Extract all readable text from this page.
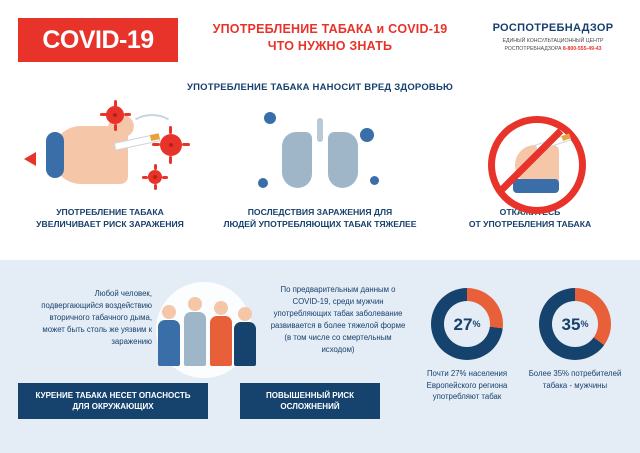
COVID-19	УПОТРЕБЛЕНИЕ ТАБАКА и COVID-19
ЧТО НУЖНО ЗНАТЬ
РОСПОТРЕБНАДЗОР
ЕДИНЫЙ КОНСУЛЬТАЦИОННЫЙ ЦЕНТР
РОСПОТРЕБНАДЗОРА 8-800-555-49-43
УПОТРЕБЛЕНИЕ ТАБАКА НАНОСИТ ВРЕД ЗДОРОВЬЮ
УПОТРЕБЛЕНИЕ ТАБАКА
УВЕЛИЧИВАЕТ РИСК ЗАРАЖЕНИЯ
ПОСЛЕДСТВИЯ ЗАРАЖЕНИЯ ДЛЯ
ЛЮДЕЙ УПОТРЕБЛЯЮЩИХ ТАБАК ТЯЖЕЛЕЕ
ОТКАЖИТЕСЬ
ОТ УПОТРЕБЛЕНИЯ ТАБАКА
Любой человек, подвергающийся воздействию вторичного табачного дыма, может быть столь же уязвим к заражению
По предварительным данным о COVID-19, среди мужчин употребляющих табак заболевание развивается в более тяжелой форме (в том числе со смертельным исходом)
27 %
Почти 27% населения Европейского региона употребляют табак
35 %
Более 35% потребителей табака - мужчины
КУРЕНИЕ ТАБАКА НЕСЕТ ОПАСНОСТЬ
ДЛЯ ОКРУЖАЮЩИХ
ПОВЫШЕННЫЙ РИСК
ОСЛОЖНЕНИЙ
